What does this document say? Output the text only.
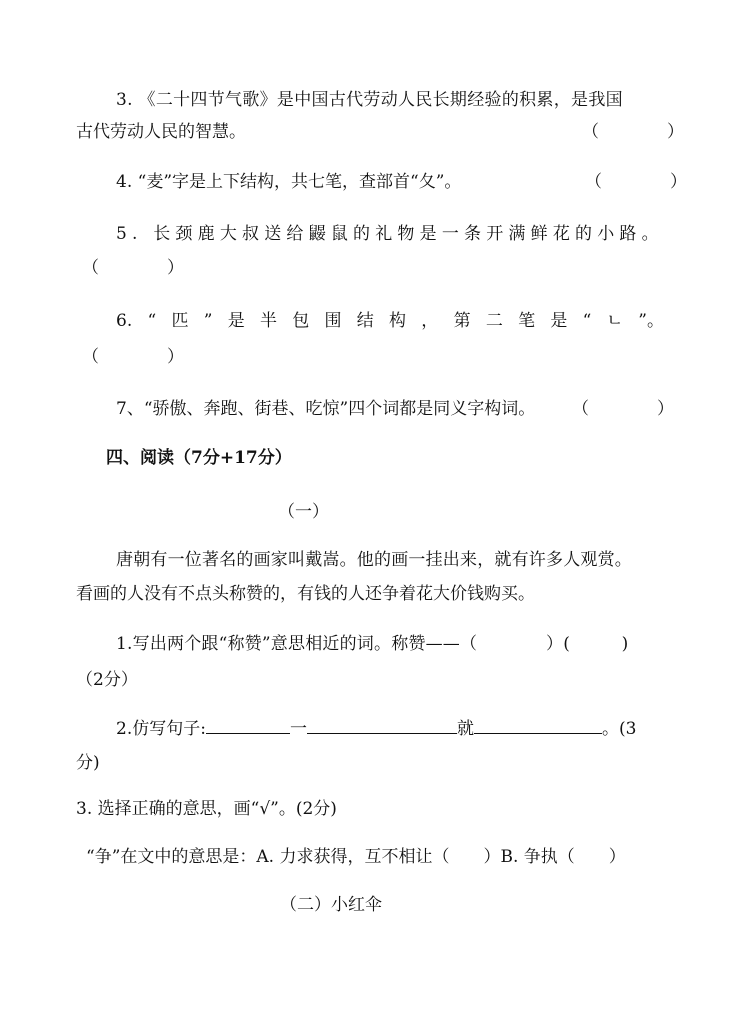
3. 《二十四节气歌》是中国古代劳动人民长期经验的积累，是我国
古代劳动人民的智慧。	（　　　　）
4. “麦”字是上下结构，共七笔，查部首“夂”。	（　　　　）
5. 长颈鹿大叔送给鼹鼠的礼物是一条开满鲜花的小路。
（　　　　）
6. “ 匹 ” 是 半 包 围 结 构 ， 第 二 笔 是 “ ㄴ ”。
（　　　　）
7、“骄傲、奔跑、街巷、吃惊”四个词都是同义字构词。 （　　　　）
四、阅读（7分+17分）
（一）
唐朝有一位著名的画家叫戴嵩。他的画一挂出来，就有许多人观赏。
看画的人没有不点头称赞的，有钱的人还争着花大价钱购买。
1.写出两个跟“称赞”意思相近的词。称赞——（　　　　）(　　　)
（2分）
2.仿写句子:	一	就	。(3
分)
3. 选择正确的意思，画“√”。(2分)
“争”在文中的意思是：A. 力求获得，互不相让（　　）B. 争执（　　）
（二）小红伞
